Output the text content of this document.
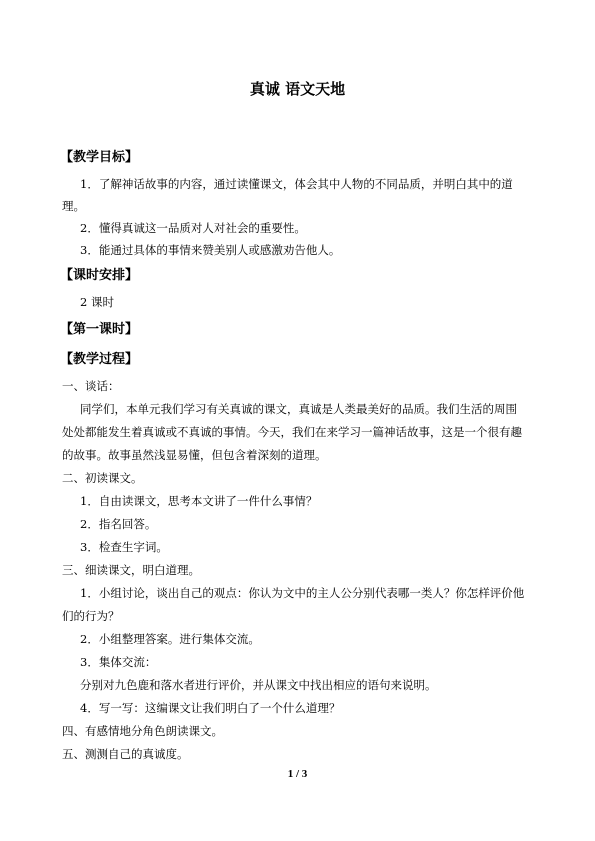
真诚 语文天地
【教学目标】
1．了解神话故事的内容，通过读懂课文，体会其中人物的不同品质，并明白其中的道
理。
2．懂得真诚这一品质对人对社会的重要性。
3．能通过具体的事情来赞美别人或感激劝告他人。
【课时安排】
2 课时
【第一课时】
【教学过程】
一、谈话：
同学们，本单元我们学习有关真诚的课文，真诚是人类最美好的品质。我们生活的周围
处处都能发生着真诚或不真诚的事情。今天，我们在来学习一篇神话故事，这是一个很有趣
的故事。故事虽然浅显易懂，但包含着深刻的道理。
二、初读课文。
1．自由读课文，思考本文讲了一件什么事情？
2．指名回答。
3．检查生字词。
三、细读课文，明白道理。
1．小组讨论，谈出自己的观点：你认为文中的主人公分别代表哪一类人？你怎样评价他
们的行为？
2．小组整理答案。进行集体交流。
3．集体交流：
分别对九色鹿和落水者进行评价，并从课文中找出相应的语句来说明。
4．写一写：这编课文让我们明白了一个什么道理？
四、有感情地分角色朗读课文。
五、测测自己的真诚度。
1 / 3
